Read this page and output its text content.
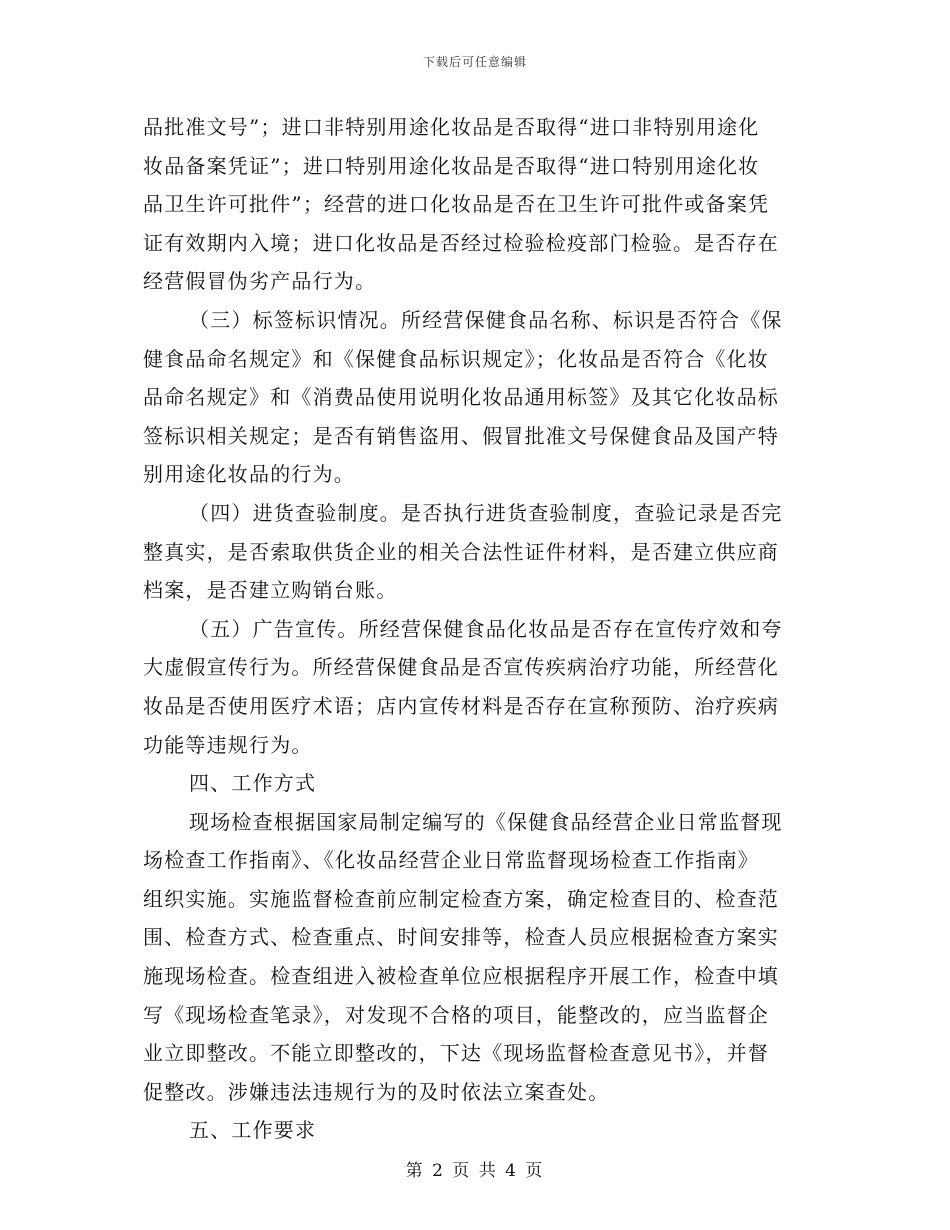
下载后可任意编辑
品批准文号”；进口非特别用途化妆品是否取得“进口非特别用途化
妆品备案凭证”；进口特别用途化妆品是否取得“进口特别用途化妆
品卫生许可批件”；经营的进口化妆品是否在卫生许可批件或备案凭
证有效期内入境；进口化妆品是否经过检验检疫部门检验。是否存在
经营假冒伪劣产品行为。
（三）标签标识情况。所经营保健食品名称、标识是否符合《保
健食品命名规定》和《保健食品标识规定》；化妆品是否符合《化妆
品命名规定》和《消费品使用说明化妆品通用标签》及其它化妆品标
签标识相关规定；是否有销售盗用、假冒批准文号保健食品及国产特
别用途化妆品的行为。
（四）进货查验制度。是否执行进货查验制度，查验记录是否完
整真实，是否索取供货企业的相关合法性证件材料，是否建立供应商
档案，是否建立购销台账。
（五）广告宣传。所经营保健食品化妆品是否存在宣传疗效和夸
大虚假宣传行为。所经营保健食品是否宣传疾病治疗功能，所经营化
妆品是否使用医疗术语；店内宣传材料是否存在宣称预防、治疗疾病
功能等违规行为。
四、工作方式
现场检查根据国家局制定编写的《保健食品经营企业日常监督现
场检查工作指南》、《化妆品经营企业日常监督现场检查工作指南》
组织实施。实施监督检查前应制定检查方案，确定检查目的、检查范
围、检查方式、检查重点、时间安排等，检查人员应根据检查方案实
施现场检查。检查组进入被检查单位应根据程序开展工作，检查中填
写《现场检查笔录》，对发现不合格的项目，能整改的，应当监督企
业立即整改。不能立即整改的，下达《现场监督检查意见书》，并督
促整改。涉嫌违法违规行为的及时依法立案查处。
五、工作要求
第 2 页 共 4 页
